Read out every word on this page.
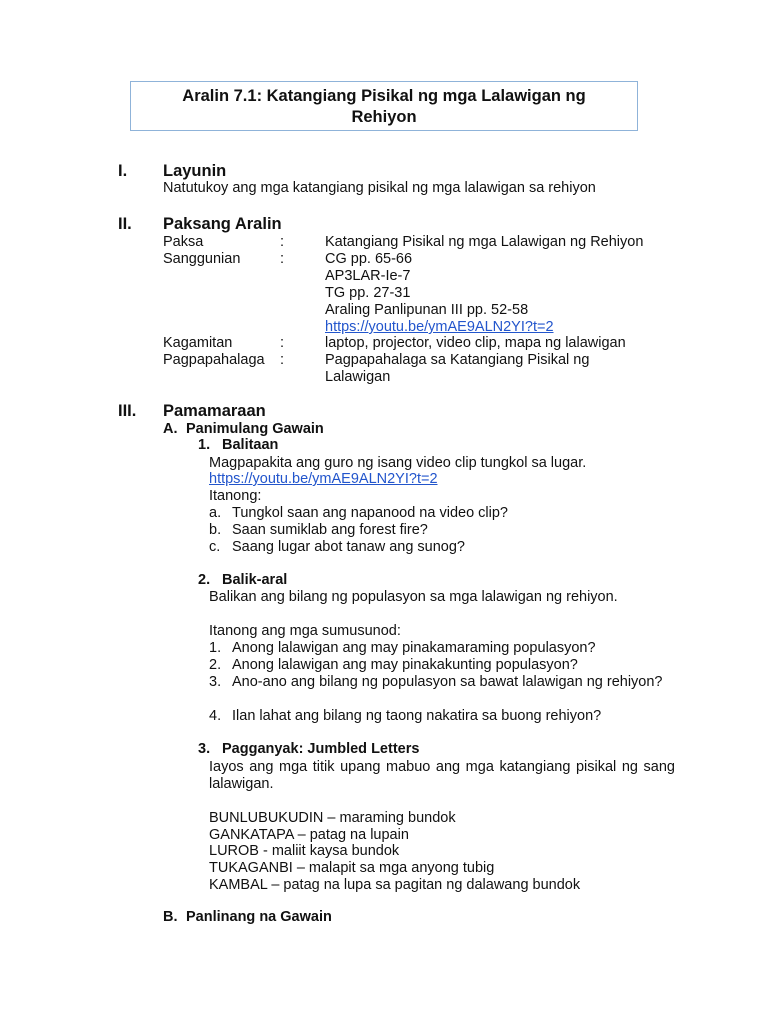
Aralin 7.1: Katangiang Pisikal ng mga Lalawigan ng
Rehiyon
I. Layunin
Natutukoy ang mga katangiang pisikal ng mga lalawigan sa rehiyon
II. Paksang Aralin
Paksa	:	Katangiang Pisikal ng mga Lalawigan ng Rehiyon
Sanggunian	:	CG pp. 65-66
AP3LAR-Ie-7
TG pp. 27-31
Araling Panlipunan III pp. 52-58
https://youtu.be/ymAE9ALN2YI?t=2
Kagamitan	:	laptop, projector, video clip, mapa ng lalawigan
Pagpapahalaga :	Pagpapahalaga sa Katangiang Pisikal ng
Lalawigan
III. Pamamaraan
A. Panimulang Gawain
1. Balitaan
Magpapakita ang guro ng isang video clip tungkol sa lugar.
https://youtu.be/ymAE9ALN2YI?t=2
Itanong:
a. Tungkol saan ang napanood na video clip?
b. Saan sumiklab ang forest fire?
c. Saang lugar abot tanaw ang sunog?
2. Balik-aral
Balikan ang bilang ng populasyon sa mga lalawigan ng rehiyon.
Itanong ang mga sumusunod:
1. Anong lalawigan ang may pinakamaraming populasyon?
2. Anong lalawigan ang may pinakakunting populasyon?
3. Ano-ano ang bilang ng populasyon sa bawat lalawigan ng rehiyon?
4. Ilan lahat ang bilang ng taong nakatira sa buong rehiyon?
3. Pagganyak: Jumbled Letters
Iayos ang mga titik upang mabuo ang mga katangiang pisikal ng sang lalawigan.
BUNLUBUKUDIN – maraming bundok
GANKATAPA – patag na lupain
LUROB - maliit kaysa bundok
TUKAGANBI – malapit sa mga anyong tubig
KAMBAL – patag na lupa sa pagitan ng dalawang bundok
B. Panlinang na Gawain
